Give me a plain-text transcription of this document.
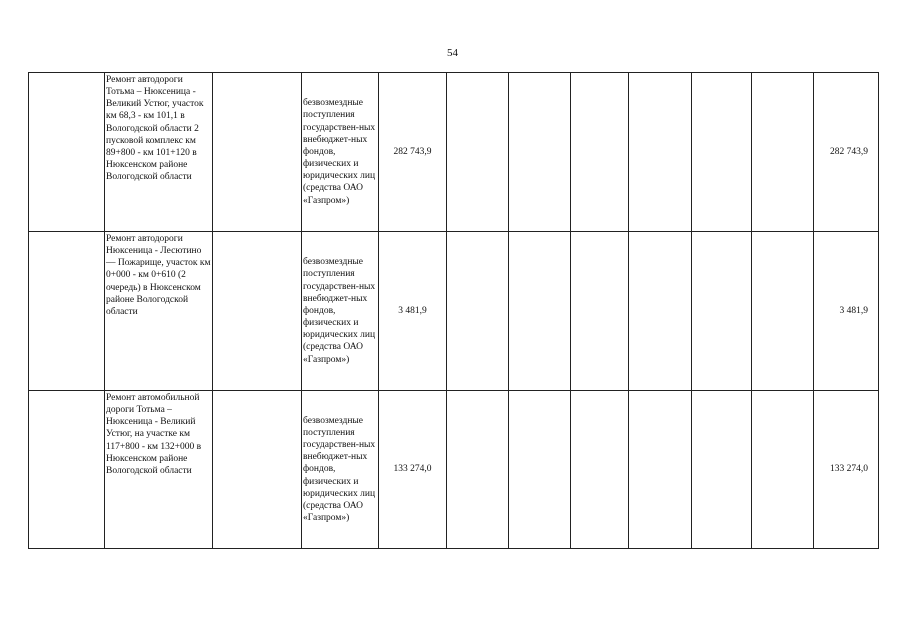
54
	Ремонт автодороги Тотьма – Нюксеница - Великий Устюг, участок км 68,3 - км 101,1 в Вологодской области 2 пусковой комплекс км 89+800 - км 101+120 в Нюксенском районе Вологодской области		безвозмездные поступления государствен-ных внебюджет-ных фондов, физических и юридических лиц (средства ОАО «Газпром»)	282 743,9							282 743,9
	Ремонт автодороги Нюксеница - Лесютино — Пожарище, участок км 0+000 - км 0+610 (2 очередь) в Нюксенском районе Вологодской области		безвозмездные поступления государствен-ных внебюджет-ных фондов, физических и юридических лиц (средства ОАО «Газпром»)	3 481,9							3 481,9
	Ремонт автомобильной дороги Тотьма – Нюксеница - Великий Устюг, на участке км 117+800 - км 132+000 в Нюксенском районе Вологодской области		безвозмездные поступления государствен-ных внебюджет-ных фондов, физических и юридических лиц (средства ОАО «Газпром»)	133 274,0							133 274,0
